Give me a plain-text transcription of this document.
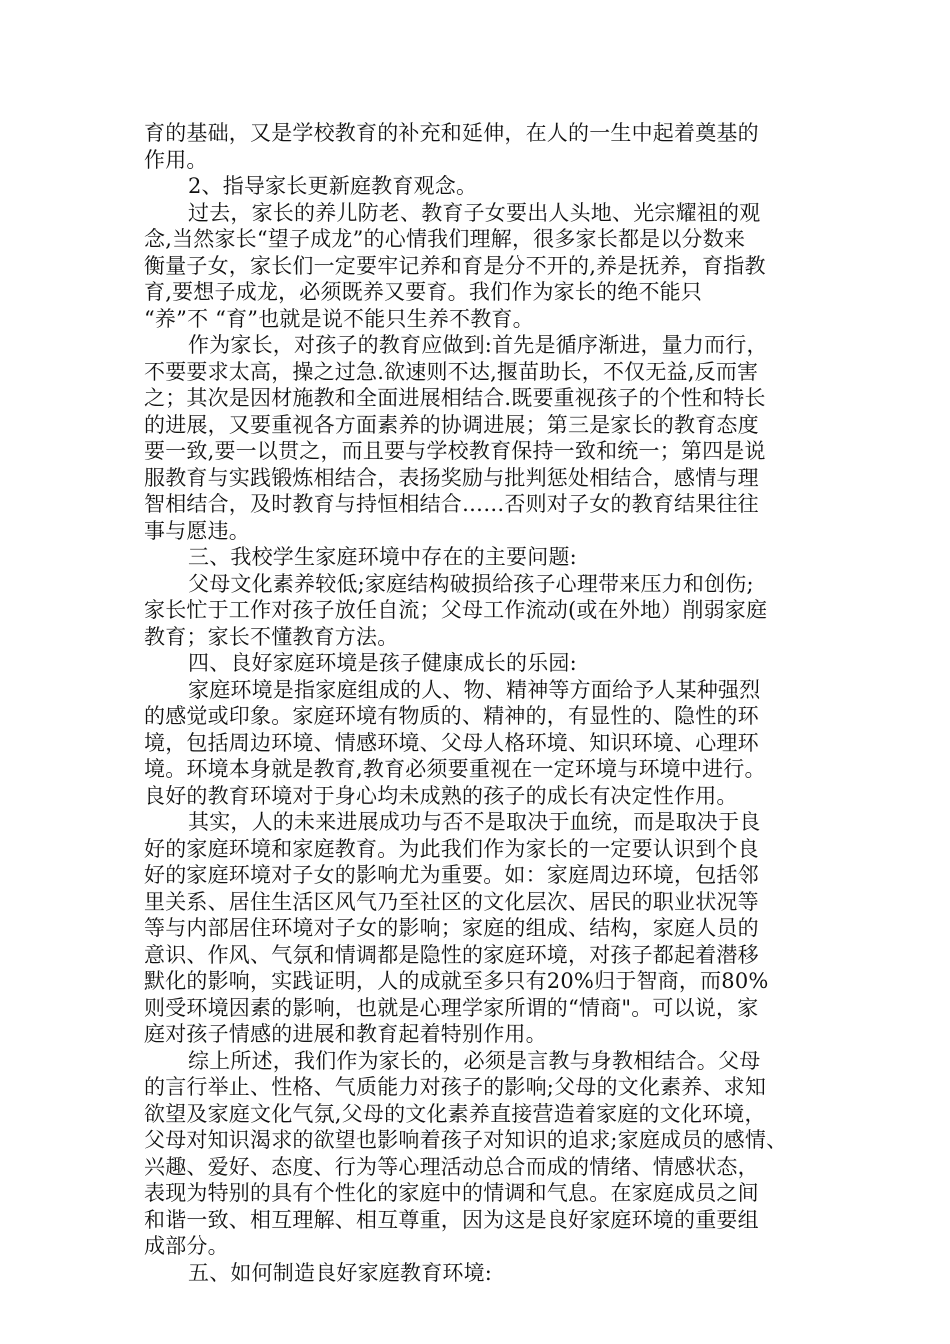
育的基础，又是学校教育的补充和延伸，在人的一生中起着奠基的
作用。
2、指导家长更新庭教育观念。
过去，家长的养儿防老、教育子女要出人头地、光宗耀祖的观
念,当然家长“望子成龙”的心情我们理解，很多家长都是以分数来
衡量子女，家长们一定要牢记养和育是分不开的,养是抚养，育指教
育,要想子成龙，必须既养又要育。我们作为家长的绝不能只
“养”不 “育”也就是说不能只生养不教育。
作为家长，对孩子的教育应做到:首先是循序渐进，量力而行，
不要要求太高，操之过急.欲速则不达,揠苗助长，不仅无益,反而害
之；其次是因材施教和全面进展相结合.既要重视孩子的个性和特长
的进展，又要重视各方面素养的协调进展；第三是家长的教育态度
要一致,要一以贯之，而且要与学校教育保持一致和统一；第四是说
服教育与实践锻炼相结合，表扬奖励与批判惩处相结合，感情与理
智相结合，及时教育与持恒相结合……否则对子女的教育结果往往
事与愿违。
三、我校学生家庭环境中存在的主要问题:
父母文化素养较低;家庭结构破损给孩子心理带来压力和创伤;
家长忙于工作对孩子放任自流；父母工作流动(或在外地）削弱家庭
教育；家长不懂教育方法。
四、良好家庭环境是孩子健康成长的乐园:
家庭环境是指家庭组成的人、物、精神等方面给予人某种强烈
的感觉或印象。家庭环境有物质的、精神的，有显性的、隐性的环
境，包括周边环境、情感环境、父母人格环境、知识环境、心理环
境。环境本身就是教育,教育必须要重视在一定环境与环境中进行。
良好的教育环境对于身心均未成熟的孩子的成长有决定性作用。
其实，人的未来进展成功与否不是取决于血统，而是取决于良
好的家庭环境和家庭教育。为此我们作为家长的一定要认识到个良
好的家庭环境对子女的影响尤为重要。如：家庭周边环境，包括邻
里关系、居住生活区风气乃至社区的文化层次、居民的职业状况等
等与内部居住环境对子女的影响；家庭的组成、结构，家庭人员的
意识、作风、气氛和情调都是隐性的家庭环境，对孩子都起着潜移
默化的影响，实践证明，人的成就至多只有20%归于智商，而80%
则受环境因素的影响，也就是心理学家所谓的“情商"。可以说，家
庭对孩子情感的进展和教育起着特别作用。
综上所述，我们作为家长的，必须是言教与身教相结合。父母
的言行举止、性格、气质能力对孩子的影响;父母的文化素养、求知
欲望及家庭文化气氛,父母的文化素养直接营造着家庭的文化环境，
父母对知识渴求的欲望也影响着孩子对知识的追求;家庭成员的感情、
兴趣、爱好、态度、行为等心理活动总合而成的情绪、情感状态，
表现为特别的具有个性化的家庭中的情调和气息。在家庭成员之间
和谐一致、相互理解、相互尊重，因为这是良好家庭环境的重要组
成部分。
五、如何制造良好家庭教育环境:
